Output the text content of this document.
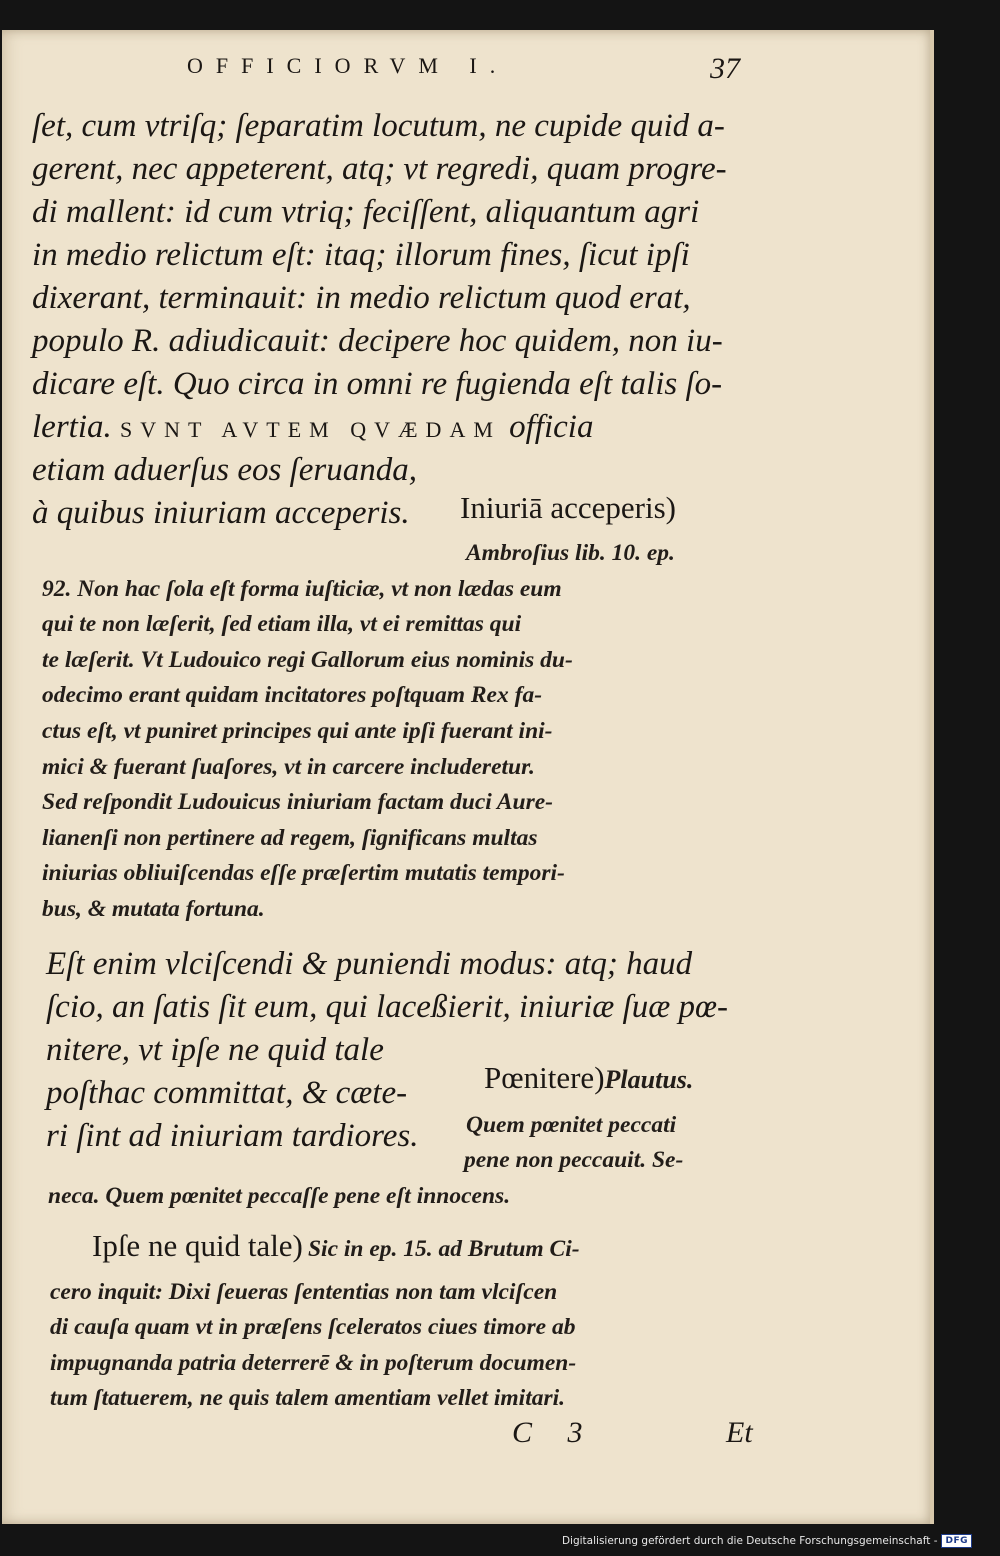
OFFICIORVM I.	37
ſet, cum vtriſq; ſeparatim locutum, ne cupide quid a-
gerent, nec appeterent, atq; vt regredi, quam progre-
di mallent: id cum vtriq; feciſſent, aliquantum agri
in medio relictum eſt: itaq; illorum fines, ſicut ipſi
dixerant, terminauit: in medio relictum quod erat,
populo R. adiudicauit: decipere hoc quidem, non iu-
dicare eſt. Quo circa in omni re fugienda eſt talis ſo-
lertia. SVNT AVTEM QVÆDAM officia
etiam aduerſus eos ſeruanda,
à quibus iniuriam acceperis. Iniuriā acceperis)
Ambroſius lib. 10. ep.
92. Non hac ſola eſt forma iuſticiæ, vt non lædas eum
qui te non læſerit, ſed etiam illa, vt ei remittas qui
te læſerit. Vt Ludouico regi Gallorum eius nominis du-
odecimo erant quidam incitatores poſtquam Rex fa-
ctus eſt, vt puniret principes qui ante ipſi fuerant ini-
mici & fuerant ſuaſores, vt in carcere includeretur.
Sed reſpondit Ludouicus iniuriam factam duci Aure-
lianenſi non pertinere ad regem, ſignificans multas
iniurias obliuiſcendas eſſe præſertim mutatis tempori-
bus, & mutata fortuna.
Eſt enim vlciſcendi & puniendi modus: atq; haud
ſcio, an ſatis ſit eum, qui laceßierit, iniuriæ ſuæ pœ-
nitere, vt ipſe ne quid tale
poſthac committat, & cæte-
ri ſint ad iniuriam tardiores.
Pœnitere)Plautus.
Quem pœnitet peccati
pene non peccauit. Se-
neca. Quem pœnitet peccaſſe pene eſt innocens.
Ipſe ne quid tale) Sic in ep. 15. ad Brutum Ci-
cero inquit: Dixi ſeueras ſententias non tam vlciſcen
di cauſa quam vt in præſens ſceleratos ciues timore ab
impugnanda patria deterrerē & in poſterum documen-
tum ſtatuerem, ne quis talem amentiam vellet imitari.
C 3	Et
Digitalisierung gefördert durch die Deutsche Forschungsgemeinschaft - DFG
